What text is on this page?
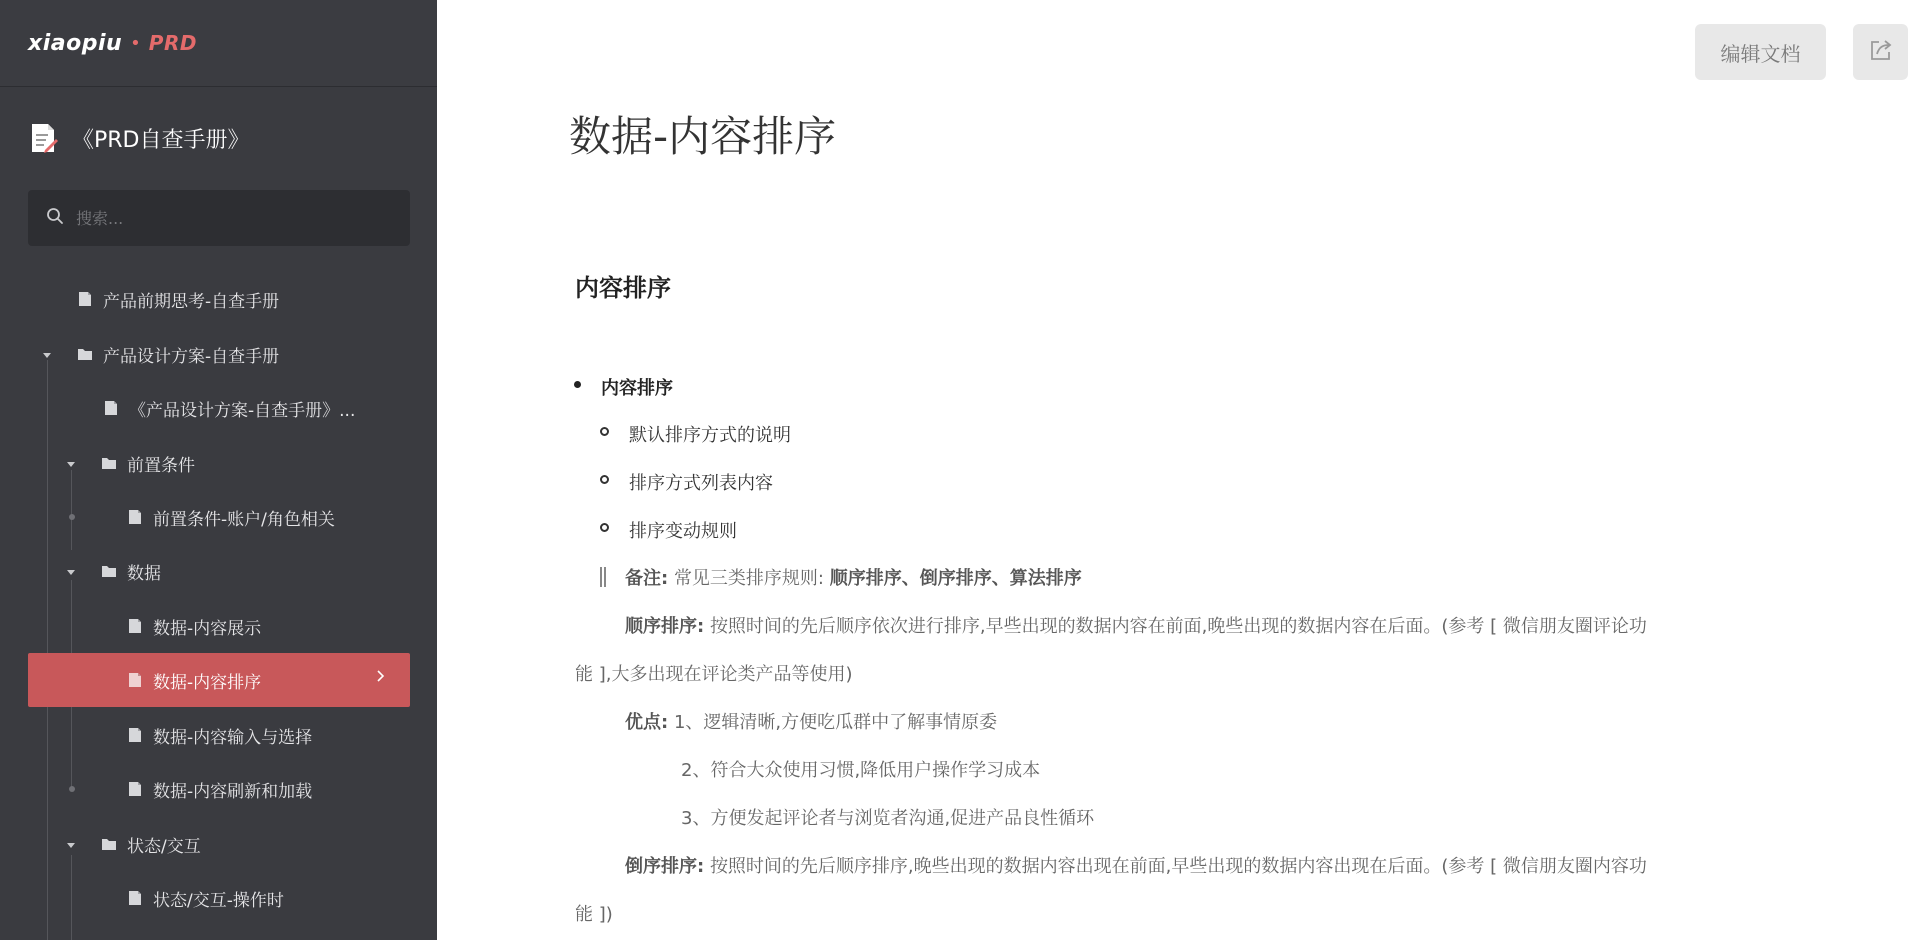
xiaopiu • PRD
《PRD自查手册》
搜索...
产品前期思考-自查手册
产品设计方案-自查手册
《产品设计方案-自查手册》...
前置条件
前置条件-账户/角色相关
数据
数据-内容展示
数据-内容排序
数据-内容输入与选择
数据-内容刷新和加载
状态/交互
状态/交互-操作时
编辑文档
数据-内容排序
内容排序
内容排序
默认排序方式的说明
排序方式列表内容
排序变动规则
备注: 常见三类排序规则: 顺序排序、倒序排序、算法排序
顺序排序: 按照时间的先后顺序依次进行排序,早些出现的数据内容在前面,晚些出现的数据内容在后面。(参考 [ 微信朋友圈评论功
能 ],大多出现在评论类产品等使用)
优点: 1、逻辑清晰,方便吃瓜群中了解事情原委
2、符合大众使用习惯,降低用户操作学习成本
3、方便发起评论者与浏览者沟通,促进产品良性循环
倒序排序: 按照时间的先后顺序排序,晚些出现的数据内容出现在前面,早些出现的数据内容出现在后面。(参考 [ 微信朋友圈内容功
能 ])
